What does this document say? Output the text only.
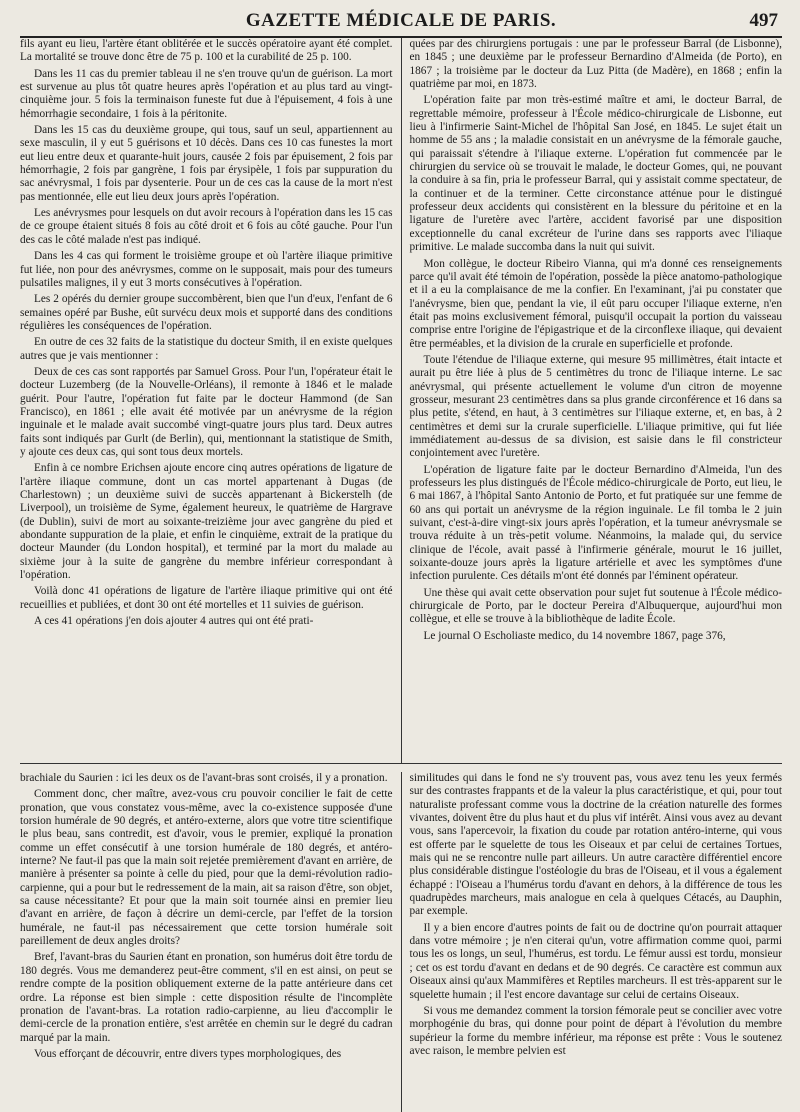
GAZETTE MÉDICALE DE PARIS.	497

fils ayant eu lieu, l'artère étant oblitérée et le succès opératoire ayant été complet. La mortalité se trouve donc être de 75 p. 100 et la curabilité de 25 p. 100.

Dans les 11 cas du premier tableau il ne s'en trouve qu'un de guérison. La mort est survenue au plus tôt quatre heures après l'opération et au plus tard au vingt-cinquième jour. 5 fois la terminaison funeste fut due à l'épuisement, 4 fois à une hémorrhagie secondaire, 1 fois à la péritonite.

Dans les 15 cas du deuxième groupe, qui tous, sauf un seul, appartiennent au sexe masculin, il y eut 5 guérisons et 10 décès. Dans ces 10 cas funestes la mort eut lieu entre deux et quarante-huit jours, causée 2 fois par épuisement, 2 fois par hémorrhagie, 2 fois par gangrène, 1 fois par érysipèle, 1 fois par suppuration du sac anévrysmal, 1 fois par dysenterie. Pour un de ces cas la cause de la mort n'est pas mentionnée, elle eut lieu deux jours après l'opération.

Les anévrysmes pour lesquels on dut avoir recours à l'opération dans les 15 cas de ce groupe étaient situés 8 fois au côté droit et 6 fois au côté gauche. Pour l'un des cas le côté malade n'est pas indiqué.

Dans les 4 cas qui forment le troisième groupe et où l'artère iliaque primitive fut liée, non pour des anévrysmes, comme on le supposait, mais pour des tumeurs pulsatiles malignes, il y eut 3 morts consécutives à l'opération.

Les 2 opérés du dernier groupe succombèrent, bien que l'un d'eux, l'enfant de 6 semaines opéré par Bushe, eût survécu deux mois et supporté dans des conditions régulières les conséquences de l'opération.

En outre de ces 32 faits de la statistique du docteur Smith, il en existe quelques autres que je vais mentionner :

Deux de ces cas sont rapportés par Samuel Gross. Pour l'un, l'opérateur était le docteur Luzemberg (de la Nouvelle-Orléans), il remonte à 1846 et le malade guérit. Pour l'autre, l'opération fut faite par le docteur Hammond (de San Francisco), en 1861 ; elle avait été motivée par un anévrysme de la région inguinale et le malade avait succombé vingt-quatre jours plus tard. Deux autres faits sont indiqués par Gurlt (de Berlin), qui, mentionnant la statistique de Smith, y ajoute ces deux cas, qui sont tous deux mortels.

Enfin à ce nombre Erichsen ajoute encore cinq autres opérations de ligature de l'artère iliaque commune, dont un cas mortel appartenant à Dugas (de Charlestown) ; un deuxième suivi de succès appartenant à Bickerstelh (de Liverpool), un troisième de Syme, également heureux, le quatrième de Hargrave (de Dublin), suivi de mort au soixante-treizième jour avec gangrène du pied et abondante suppuration de la plaie, et enfin le cinquième, extrait de la pratique du docteur Maunder (du London hospital), et terminé par la mort du malade au sixième jour à la suite de gangrène du membre inférieur correspondant à l'opération.

Voilà donc 41 opérations de ligature de l'artère iliaque primitive qui ont été recueillies et publiées, et dont 30 ont été mortelles et 11 suivies de guérison.

A ces 41 opérations j'en dois ajouter 4 autres qui ont été prati-

quées par des chirurgiens portugais : une par le professeur Barral (de Lisbonne), en 1845 ; une deuxième par le professeur Bernardino d'Almeida (de Porto), en 1867 ; la troisième par le docteur da Luz Pitta (de Madère), en 1868 ; enfin la quatrième par moi, en 1873.

L'opération faite par mon très-estimé maître et ami, le docteur Barral, de regrettable mémoire, professeur à l'École médico-chirurgicale de Lisbonne, eut lieu à l'infirmerie Saint-Michel de l'hôpital San José, en 1845. Le sujet était un homme de 55 ans ; la maladie consistait en un anévrysme de la fémorale gauche, qui paraissait s'étendre à l'iliaque externe. L'opération fut commencée par le chirurgien du service où se trouvait le malade, le docteur Gomes, qui, ne pouvant la conduire à sa fin, pria le professeur Barral, qui y assistait comme spectateur, de la continuer et de la terminer. Cette circonstance atténue pour le distingué professeur deux accidents qui consistèrent en la blessure du péritoine et en la ligature de l'uretère avec l'artère, accident favorisé par une disposition exceptionnelle du canal excréteur de l'urine dans ses rapports avec l'iliaque primitive. Le malade succomba dans la nuit qui suivit.

Mon collègue, le docteur Ribeiro Vianna, qui m'a donné ces renseignements parce qu'il avait été témoin de l'opération, possède la pièce anatomo-pathologique et il a eu la complaisance de me la confier. En l'examinant, j'ai pu constater que l'anévrysme, bien que, pendant la vie, il eût paru occuper l'iliaque externe, n'en était pas moins exclusivement fémoral, puisqu'il occupait la portion du vaisseau comprise entre l'origine de l'épigastrique et de la circonflexe iliaque, qui devaient être perméables, et la division de la crurale en superficielle et profonde.

Toute l'étendue de l'iliaque externe, qui mesure 95 millimètres, était intacte et aurait pu être liée à plus de 5 centimètres du tronc de l'iliaque interne. Le sac anévrysmal, qui présente actuellement le volume d'un citron de moyenne grosseur, mesurant 23 centimètres dans sa plus grande circonférence et 16 dans sa plus petite, s'étend, en haut, à 3 centimètres sur l'iliaque externe, et, en bas, à 2 centimètres et demi sur la crurale superficielle. L'iliaque primitive, qui fut liée immédiatement au-dessus de sa division, est saisie dans le fil constricteur conjointement avec l'uretère.

L'opération de ligature faite par le docteur Bernardino d'Almeida, l'un des professeurs les plus distingués de l'École médico-chirurgicale de Porto, eut lieu, le 6 mai 1867, à l'hôpital Santo Antonio de Porto, et fut pratiquée sur une femme de 60 ans qui portait un anévrysme de la région inguinale. Le fil tomba le 2 juin suivant, c'est-à-dire vingt-six jours après l'opération, et la tumeur anévrysmale se trouva réduite à un très-petit volume. Néanmoins, la malade qui, du service clinique de l'école, avait passé à l'infirmerie générale, mourut le 16 juillet, soixante-douze jours après la ligature artérielle et avec les symptômes d'une infection purulente. Ces détails m'ont été donnés par l'éminent opérateur.

Une thèse qui avait cette observation pour sujet fut soutenue à l'École médico-chirurgicale de Porto, par le docteur Pereira d'Albuquerque, aujourd'hui mon collègue, et elle se trouve à la bibliothèque de ladite École.

Le journal O Escholiaste medico, du 14 novembre 1867, page 376,

brachiale du Saurien : ici les deux os de l'avant-bras sont croisés, il y a pronation.

Comment donc, cher maître, avez-vous cru pouvoir concilier le fait de cette pronation, que vous constatez vous-même, avec la co-existence supposée d'une torsion humérale de 90 degrés, et antéro-externe, alors que votre titre scientifique le plus beau, sans contredit, est d'avoir, vous le premier, expliqué la pronation comme un effet consécutif à une torsion humérale de 180 degrés, et antéro-interne? Ne faut-il pas que la main soit rejetée premièrement d'avant en arrière, de manière à présenter sa pointe à celle du pied, pour que la demi-révolution radio-carpienne, qui a pour but le redressement de la main, ait sa raison d'être, son objet, sa cause nécessitante? Et pour que la main soit tournée ainsi en premier lieu d'avant en arrière, de façon à décrire un demi-cercle, par l'effet de la torsion humérale, ne faut-il pas nécessairement que cette torsion humérale soit pareillement de deux angles droits?

Bref, l'avant-bras du Saurien étant en pronation, son humérus doit être tordu de 180 degrés. Vous me demanderez peut-être comment, s'il en est ainsi, on peut se rendre compte de la position obliquement externe de la patte antérieure dans cet ordre. La réponse est bien simple : cette disposition résulte de l'incomplète pronation de l'avant-bras. La rotation radio-carpienne, au lieu d'accomplir le demi-cercle de la pronation entière, s'est arrêtée en chemin sur le degré du cadran marqué par la main.

Vous efforçant de découvrir, entre divers types morphologiques, des

similitudes qui dans le fond ne s'y trouvent pas, vous avez tenu les yeux fermés sur des contrastes frappants et de la valeur la plus caractéristique, et qui, pour tout naturaliste professant comme vous la doctrine de la création naturelle des formes vivantes, doivent être du plus haut et du plus vif intérêt. Ainsi vous avez au devant vous, sans l'apercevoir, la fixation du coude par rotation antéro-interne, qui vous est offerte par le squelette de tous les Oiseaux et par celui de certaines Tortues, mais qui ne se rencontre nulle part ailleurs. Un autre caractère différentiel encore plus considérable distingue l'ostéologie du bras de l'Oiseau, et il vous a également échappé : l'Oiseau a l'humérus tordu d'avant en dehors, à la différence de tous les quadrupèdes marcheurs, mais analogue en cela à quelques Cétacés, au Dauphin, par exemple.

Il y a bien encore d'autres points de fait ou de doctrine qu'on pourrait attaquer dans votre mémoire ; je n'en citerai qu'un, votre affirmation comme quoi, parmi tous les os longs, un seul, l'humérus, est tordu. Le fémur aussi est tordu, monsieur ; cet os est tordu d'avant en dedans et de 90 degrés. Ce caractère est commun aux Oiseaux ainsi qu'aux Mammifères et Reptiles marcheurs. Il est très-apparent sur le squelette humain ; il l'est encore davantage sur celui de certains Oiseaux.

Si vous me demandez comment la torsion fémorale peut se concilier avec votre morphogénie du bras, qui donne pour point de départ à l'évolution du membre supérieur la forme du membre inférieur, ma réponse est prête : Vous le soutenez avec raison, le membre pelvien est
